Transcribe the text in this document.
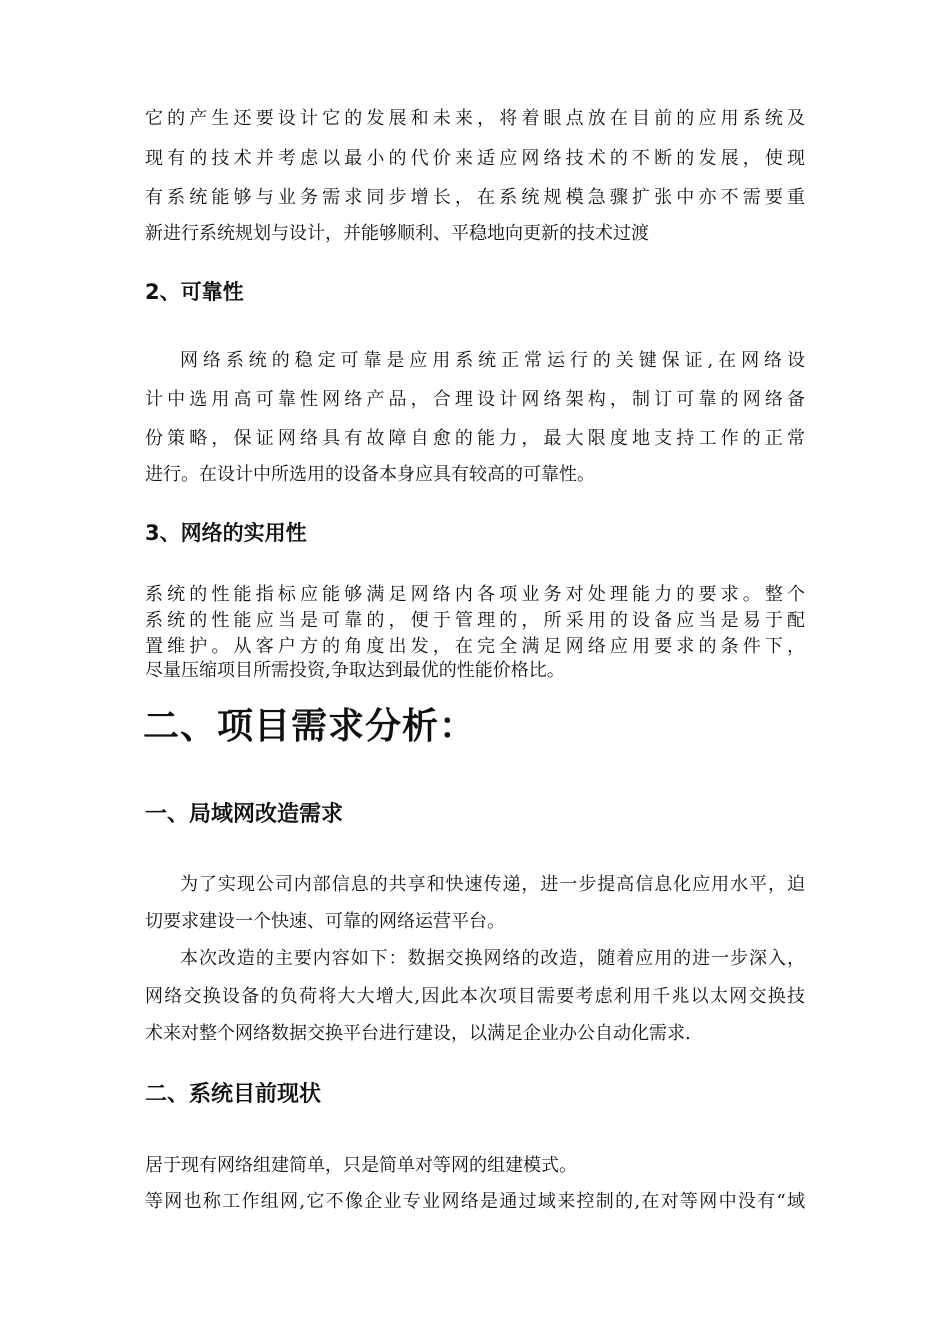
它的产生还要设计它的发展和未来，将着眼点放在目前的应用系统及
现有的技术并考虑以最小的代价来适应网络技术的不断的发展，使现
有系统能够与业务需求同步增长，在系统规模急骤扩张中亦不需要重
新进行系统规划与设计，并能够顺利、平稳地向更新的技术过渡
2、可靠性
网络系统的稳定可靠是应用系统正常运行的关键保证,在网络设
计中选用高可靠性网络产品，合理设计网络架构，制订可靠的网络备
份策略，保证网络具有故障自愈的能力，最大限度地支持工作的正常
进行。在设计中所选用的设备本身应具有较高的可靠性。
3、网络的实用性
系统的性能指标应能够满足网络内各项业务对处理能力的要求。整个
系统的性能应当是可靠的，便于管理的，所采用的设备应当是易于配
置维护。从客户方的角度出发，在完全满足网络应用要求的条件下，
尽量压缩项目所需投资,争取达到最优的性能价格比。
二、项目需求分析：
一、局域网改造需求
为了实现公司内部信息的共享和快速传递，进一步提高信息化应用水平，迫
切要求建设一个快速、可靠的网络运营平台。
本次改造的主要内容如下：数据交换网络的改造，随着应用的进一步深入，
网络交换设备的负荷将大大增大,因此本次项目需要考虑利用千兆以太网交换技
术来对整个网络数据交换平台进行建设，以满足企业办公自动化需求.
二、系统目前现状
居于现有网络组建简单，只是简单对等网的组建模式。
等网也称工作组网,它不像企业专业网络是通过域来控制的,在对等网中没有“域
